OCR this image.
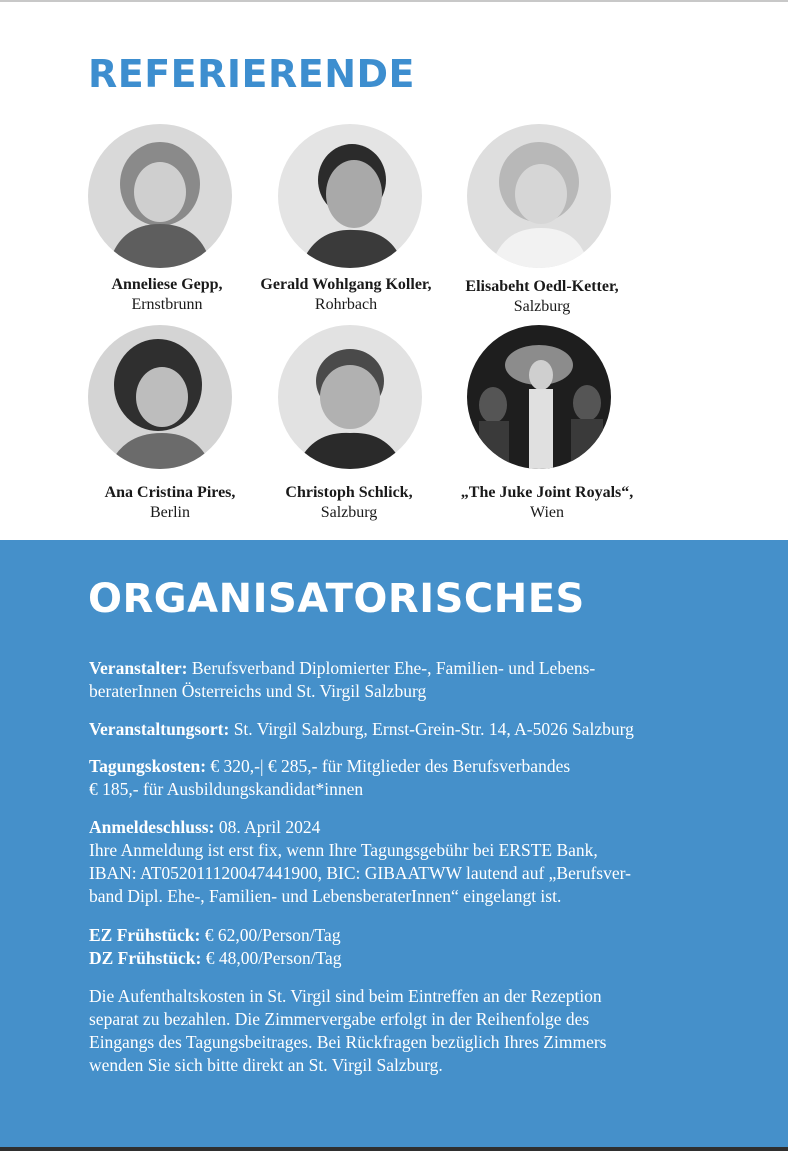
REFERIERENDE
Anneliese Gepp,
Ernstbrunn
Gerald Wohlgang Koller,
Rohrbach
Elisabeht Oedl-Ketter,
Salzburg
Ana Cristina Pires,
Berlin
Christoph Schlick,
Salzburg
„The Juke Joint Royals“,
Wien
ORGANISATORISCHES

Veranstalter: Berufsverband Diplomierter Ehe-, Familien- und Lebens-

beraterInnen Österreichs und St. Virgil Salzburg

Veranstaltungsort: St. Virgil Salzburg, Ernst-Grein-Str. 14, A-5026 Salzburg

Tagungskosten: € 320,-| € 285,- für Mitglieder des Berufsverbandes

€ 185,- für Ausbildungskandidat*innen

Anmeldeschluss: 08. April 2024

Ihre Anmeldung ist erst fix, wenn Ihre Tagungsgebühr bei ERSTE Bank,

IBAN: AT052011120047441900, BIC: GIBAATWW lautend auf „Berufsver-

band Dipl. Ehe-, Familien- und LebensberaterInnen“ eingelangt ist.

EZ Frühstück: € 62,00/Person/Tag

DZ Frühstück: € 48,00/Person/Tag

Die Aufenthaltskosten in St. Virgil sind beim Eintreffen an der Rezeption

separat zu bezahlen. Die Zimmervergabe erfolgt in der Reihenfolge des

Eingangs des Tagungsbeitrages. Bei Rückfragen bezüglich Ihres Zimmers

wenden Sie sich bitte direkt an St. Virgil Salzburg.
